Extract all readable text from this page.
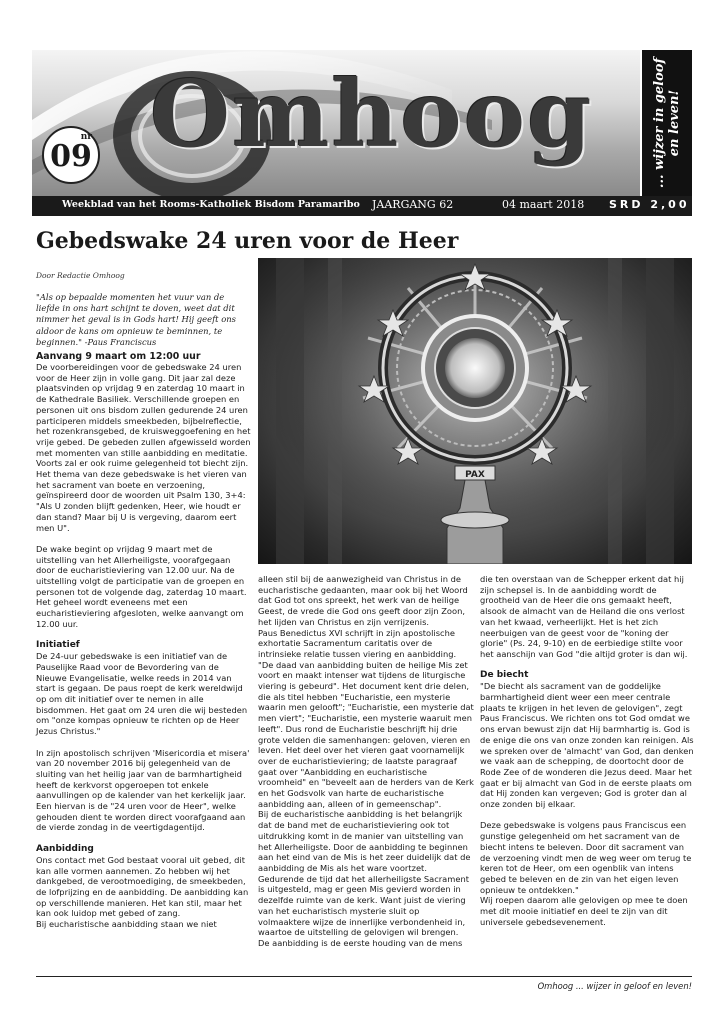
Omhoog
nr
09	... wijzer in geloof en leven!
Weekblad van het Rooms-Katholiek Bisdom Paramaribo JAARGANG 62	04 maart 2018 SRD 2,00
Gebedswake 24 uren voor de Heer
Door Redactie Omhoog
"Als op bepaalde momenten het vuur van de liefde in ons hart schijnt te doven, weet dat dit nimmer het geval is in Gods hart! Hij geeft ons aldoor de kans om opnieuw te beminnen, te beginnen." -Paus Franciscus
PAX
Aanvang 9 maart om 12:00 uur

De voorbereidingen voor de gebedswake 24 uren voor de Heer zijn in volle gang. Dit jaar zal deze plaatsvinden op vrijdag 9 en zaterdag 10 maart in de Kathedrale Basiliek. Verschillende groepen en personen uit ons bisdom zullen gedurende 24 uren participeren middels smeekbeden, bijbelreflectie, het rozenkransgebed, de kruisweggoefening en het vrije gebed. De gebeden zullen afgewisseld worden met momenten van stille aanbidding en meditatie. Voorts zal er ook ruime gelegenheid tot biecht zijn. Het thema van deze gebedswake is het vieren van het sacrament van boete en verzoening, geïnspireerd door de woorden uit Psalm 130, 3+4: "Als U zonden blijft gedenken, Heer, wie houdt er dan stand? Maar bij U is vergeving, daarom eert men U".

De wake begint op vrijdag 9 maart met de uitstelling van het Allerheiligste, voorafgegaan door de eucharistieviering van 12.00 uur. Na de uitstelling volgt de participatie van de groepen en personen tot de volgende dag, zaterdag 10 maart. Het geheel wordt eveneens met een eucharistieviering afgesloten, welke aanvangt om 12.00 uur.

Initiatief

De 24-uur gebedswake is een initiatief van de Pauselijke Raad voor de Bevordering van de Nieuwe Evangelisatie, welke reeds in 2014 van start is gegaan. De paus roept de kerk wereldwijd op om dit initiatief over te nemen in alle bisdommen. Het gaat om 24 uren die wij besteden om "onze kompas opnieuw te richten op de Heer Jezus Christus."

In zijn apostolisch schrijven 'Misericordia et misera' van 20 november 2016 bij gelegenheid van de sluiting van het heilig jaar van de barmhartigheid heeft de kerkvorst opgeroepen tot enkele aanvullingen op de kalender van het kerkelijk jaar. Een hiervan is de "24 uren voor de Heer", welke gehouden dient te worden direct voorafgaand aan de vierde zondag in de veertigdagentijd.

Aanbidding

Ons contact met God bestaat vooral uit gebed, dit kan alle vormen aannemen. Zo hebben wij het dankgebed, de verootmoediging, de smeekbeden, de lofprijzing en de aanbidding. De aanbidding kan op verschillende manieren. Het kan stil, maar het kan ook luidop met gebed of zang.

Bij eucharistische aanbidding staan we niet

alleen stil bij de aanwezigheid van Christus in de eucharistische gedaanten, maar ook bij het Woord dat God tot ons spreekt, het werk van de heilige Geest, de vrede die God ons geeft door zijn Zoon, het lijden van Christus en zijn verrijzenis.

Paus Benedictus XVI schrijft in zijn apostolische exhortatie Sacramentum caritatis over de intrinsieke relatie tussen viering en aanbidding. "De daad van aanbidding buiten de heilige Mis zet voort en maakt intenser wat tijdens de liturgische viering is gebeurd". Het document kent drie delen, die als titel hebben "Eucharistie, een mysterie waarin men gelooft"; "Eucharistie, een mysterie dat men viert"; "Eucharistie, een mysterie waaruit men leeft". Dus rond de Eucharistie beschrijft hij drie grote velden die samenhangen: geloven, vieren en leven. Het deel over het vieren gaat voornamelijk over de eucharistieviering; de laatste paragraaf gaat over "Aanbidding en eucharistische vroomheid" en "beveelt aan de herders van de Kerk en het Godsvolk van harte de eucharistische aanbidding aan, alleen of in gemeenschap".

Bij de eucharistische aanbidding is het belangrijk dat de band met de eucharistieviering ook tot uitdrukking komt in de manier van uitstelling van het Allerheiligste. Door de aanbidding te beginnen aan het eind van de Mis is het zeer duidelijk dat de aanbidding de Mis als het ware voortzet. Gedurende de tijd dat het allerheiligste Sacrament is uitgesteld, mag er geen Mis gevierd worden in dezelfde ruimte van de kerk. Want juist de viering van het eucharistisch mysterie sluit op volmaaktere wijze de innerlijke verbondenheid in, waartoe de uitstelling de gelovigen wil brengen.

De aanbidding is de eerste houding van de mens

die ten overstaan van de Schepper erkent dat hij zijn schepsel is. In de aanbidding wordt de grootheid van de Heer die ons gemaakt heeft, alsook de almacht van de Heiland die ons verlost van het kwaad, verheerlijkt. Het is het zich neerbuigen van de geest voor de "koning der glorie" (Ps. 24, 9-10) en de eerbiedige stilte voor het aanschijn van God "die altijd groter is dan wij.

De biecht

"De biecht als sacrament van de goddelijke barmhartigheid dient weer een meer centrale plaats te krijgen in het leven de gelovigen", zegt Paus Franciscus. We richten ons tot God omdat we ons ervan bewust zijn dat Hij barmhartig is. God is de enige die ons van onze zonden kan reinigen. Als we spreken over de 'almacht' van God, dan denken we vaak aan de schepping, de doortocht door de Rode Zee of de wonderen die Jezus deed. Maar het gaat er bij almacht van God in de eerste plaats om dat Hij zonden kan vergeven; God is groter dan al onze zonden bij elkaar.

Deze gebedswake is volgens paus Franciscus een gunstige gelegenheid om het sacrament van de biecht intens te beleven. Door dit sacrament van de verzoening vindt men de weg weer om terug te keren tot de Heer, om een ogenblik van intens gebed te beleven en de zin van het eigen leven opnieuw te ontdekken."

Wij roepen daarom alle gelovigen op mee te doen met dit mooie initiatief en deel te zijn van dit universele gebedsevenement.

Omhoog ... wijzer in geloof en leven!
